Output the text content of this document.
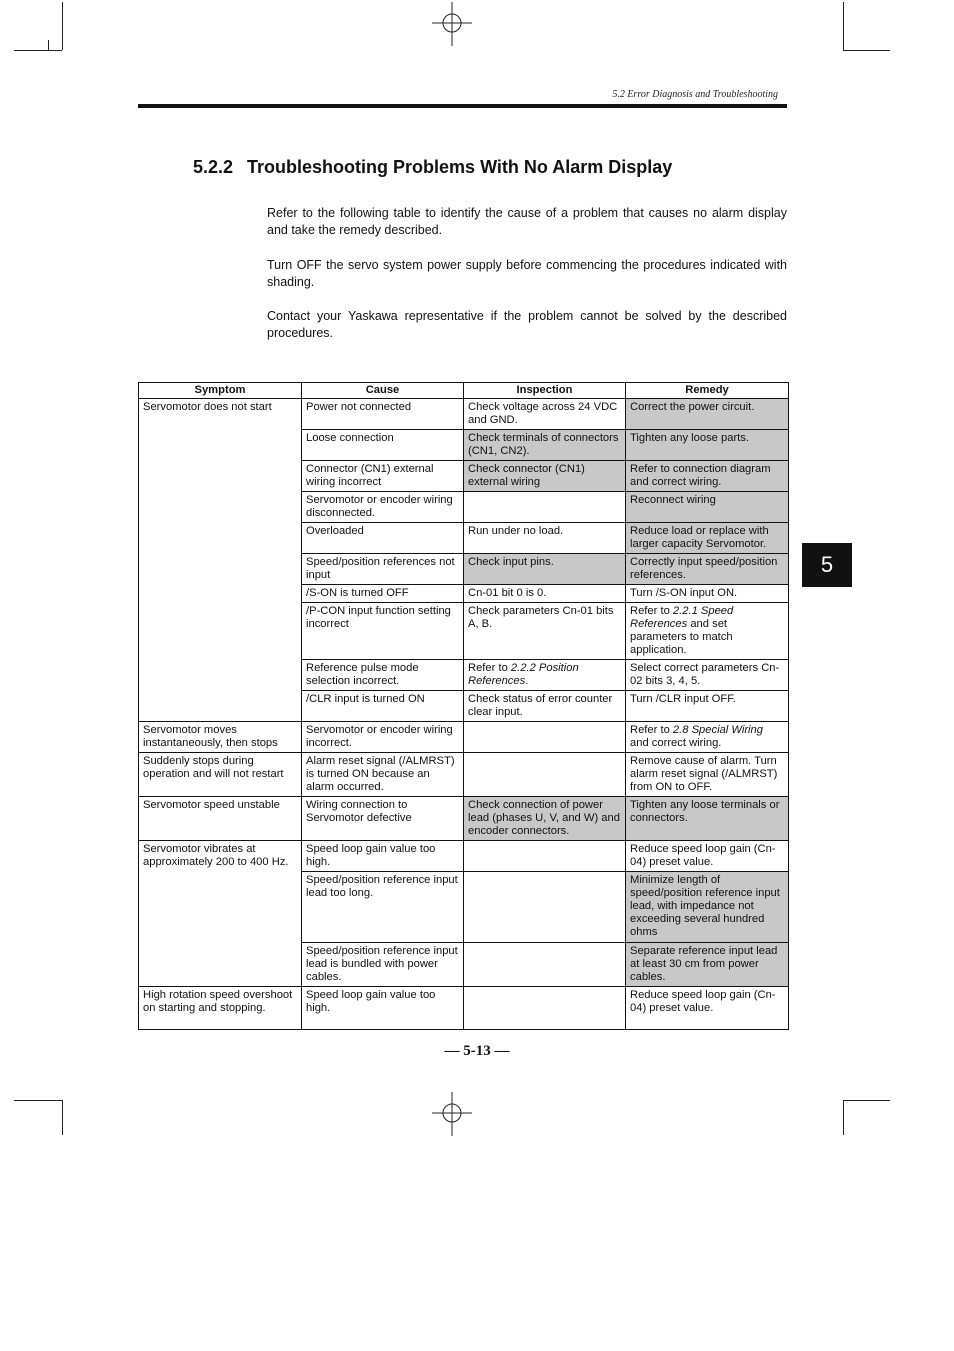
5.2 Error Diagnosis and Troubleshooting
5.2.2 Troubleshooting Problems With No Alarm Display

Refer to the following table to identify the cause of a problem that causes no alarm display and take the remedy described.

Turn OFF the servo system power supply before commencing the procedures indicated with shading.

Contact your Yaskawa representative if the problem cannot be solved by the described procedures.

5
Symptom	Cause	Inspection	Remedy
Servomotor does not start	Power not connected	Check voltage across 24 VDC and GND.	Correct the power circuit.
	Loose connection	Check terminals of connectors (CN1, CN2).	Tighten any loose parts.
	Connector (CN1) external wiring incorrect	Check connector (CN1) external wiring	Refer to connection diagram and correct wiring.
	Servomotor or encoder wiring disconnected.		Reconnect wiring
	Overloaded	Run under no load.	Reduce load or replace with larger capacity Servomotor.
	Speed/position references not input	Check input pins.	Correctly input speed/position references.
	/S-ON is turned OFF	Cn-01 bit 0 is 0.	Turn /S-ON input ON.
	/P-CON input function setting incorrect	Check parameters Cn-01 bits A, B.	Refer to 2.2.1 Speed References and set parameters to match application.
	Reference pulse mode selection incorrect.	Refer to 2.2.2 Position References.	Select correct parameters Cn-02 bits 3, 4, 5.
	/CLR input is turned ON	Check status of error counter clear input.	Turn /CLR input OFF.
Servomotor moves instantaneously, then stops	Servomotor or encoder wiring incorrect.		Refer to 2.8 Special Wiring and correct wiring.
Suddenly stops during operation and will not restart	Alarm reset signal (/ALMRST) is turned ON because an alarm occurred.		Remove cause of alarm. Turn alarm reset signal (/ALMRST) from ON to OFF.
Servomotor speed unstable	Wiring connection to Servomotor defective	Check connection of power lead (phases U, V, and W) and encoder connectors.	Tighten any loose terminals or connectors.
Servomotor vibrates at approximately 200 to 400 Hz.	Speed loop gain value too high.		Reduce speed loop gain (Cn-04) preset value.
	Speed/position reference input lead too long.		Minimize length of speed/position reference input lead, with impedance not exceeding several hundred ohms
	Speed/position reference input lead is bundled with power cables.		Separate reference input lead at least 30 cm from power cables.
High rotation speed overshoot on starting and stopping.	Speed loop gain value too high.		Reduce speed loop gain (Cn-04) preset value.
— 5-13 —
